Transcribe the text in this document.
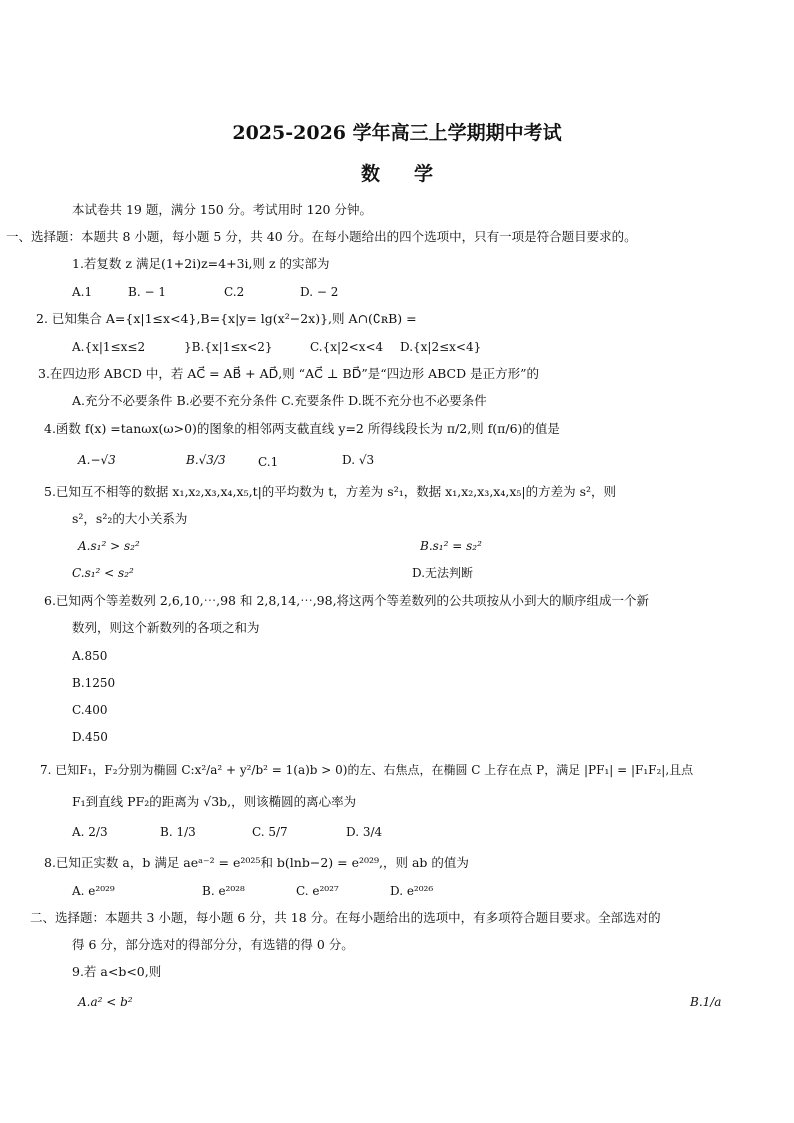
2025-2026 学年高三上学期期中考试
数学
本试卷共 19 题，满分 150 分。考试用时 120 分钟。
一、选择题：本题共 8 小题，每小题 5 分，共 40 分。在每小题给出的四个选项中，只有一项是符合题目要求的。
1.若复数 z 满足(1+2i)z=4+3i,则 z 的实部为
A.1	B. − 1	C.2	D. − 2
2. 已知集合 A={x|1≤x<4},B={x|y= lg(x²−2x)},则 A∩(∁ʀB) =
A.{x|1≤x≤2	}B.{x|1≤x<2}	C.{x|2<x<4 D.{x|2≤x<4}
3.在四边形 ABCD 中，若 AC⃗ = AB⃗ + AD⃗,则 “AC⃗ ⊥ BD⃗”是“四边形 ABCD 是正方形”的
A.充分不必要条件 B.必要不充分条件 C.充要条件 D.既不充分也不必要条件
4.函数 f(x) =tanωx(ω>0)的图象的相邻两支截直线 y=2 所得线段长为 π/2,则 f(π/6)的值是
A.−√3	B.√3/3	C.1	D. √3
5.已知互不相等的数据 x₁,x₂,x₃,x₄,x₅,t|的平均数为 t，方差为 s²₁，数据 x₁,x₂,x₃,x₄,x₅|的方差为 s²，则
s²，s²₂的大小关系为
A.s₁² > s₂²	B.s₁² = s₂²
C.s₁² < s₂²	D.无法判断
6.已知两个等差数列 2,6,10,⋯,98 和 2,8,14,⋯,98,将这两个等差数列的公共项按从小到大的顺序组成一个新
数列，则这个新数列的各项之和为
A.850
B.1250
C.400
D.450
7. 已知F₁，F₂分别为椭圆 C:x²/a² + y²/b² = 1(a)b > 0)的左、右焦点，在椭圆 C 上存在点 P，满足 |PF₁| = |F₁F₂|,且点
F₁到直线 PF₂的距离为 √3b,，则该椭圆的离心率为
A. 2/3	B. 1/3	C. 5/7	D. 3/4
8.已知正实数 a，b 满足 aeᵃ⁻² = e²⁰²⁵和 b(lnb−2) = e²⁰²⁹,，则 ab 的值为
A. e²⁰²⁹	B. e²⁰²⁸	C. e²⁰²⁷	D. e²⁰²⁶
二、选择题：本题共 3 小题，每小题 6 分，共 18 分。在每小题给出的选项中，有多项符合题目要求。全部选对的
得 6 分，部分选对的得部分分，有选错的得 0 分。
9.若 a<b<0,则
A.a² < b²	B.1/a
